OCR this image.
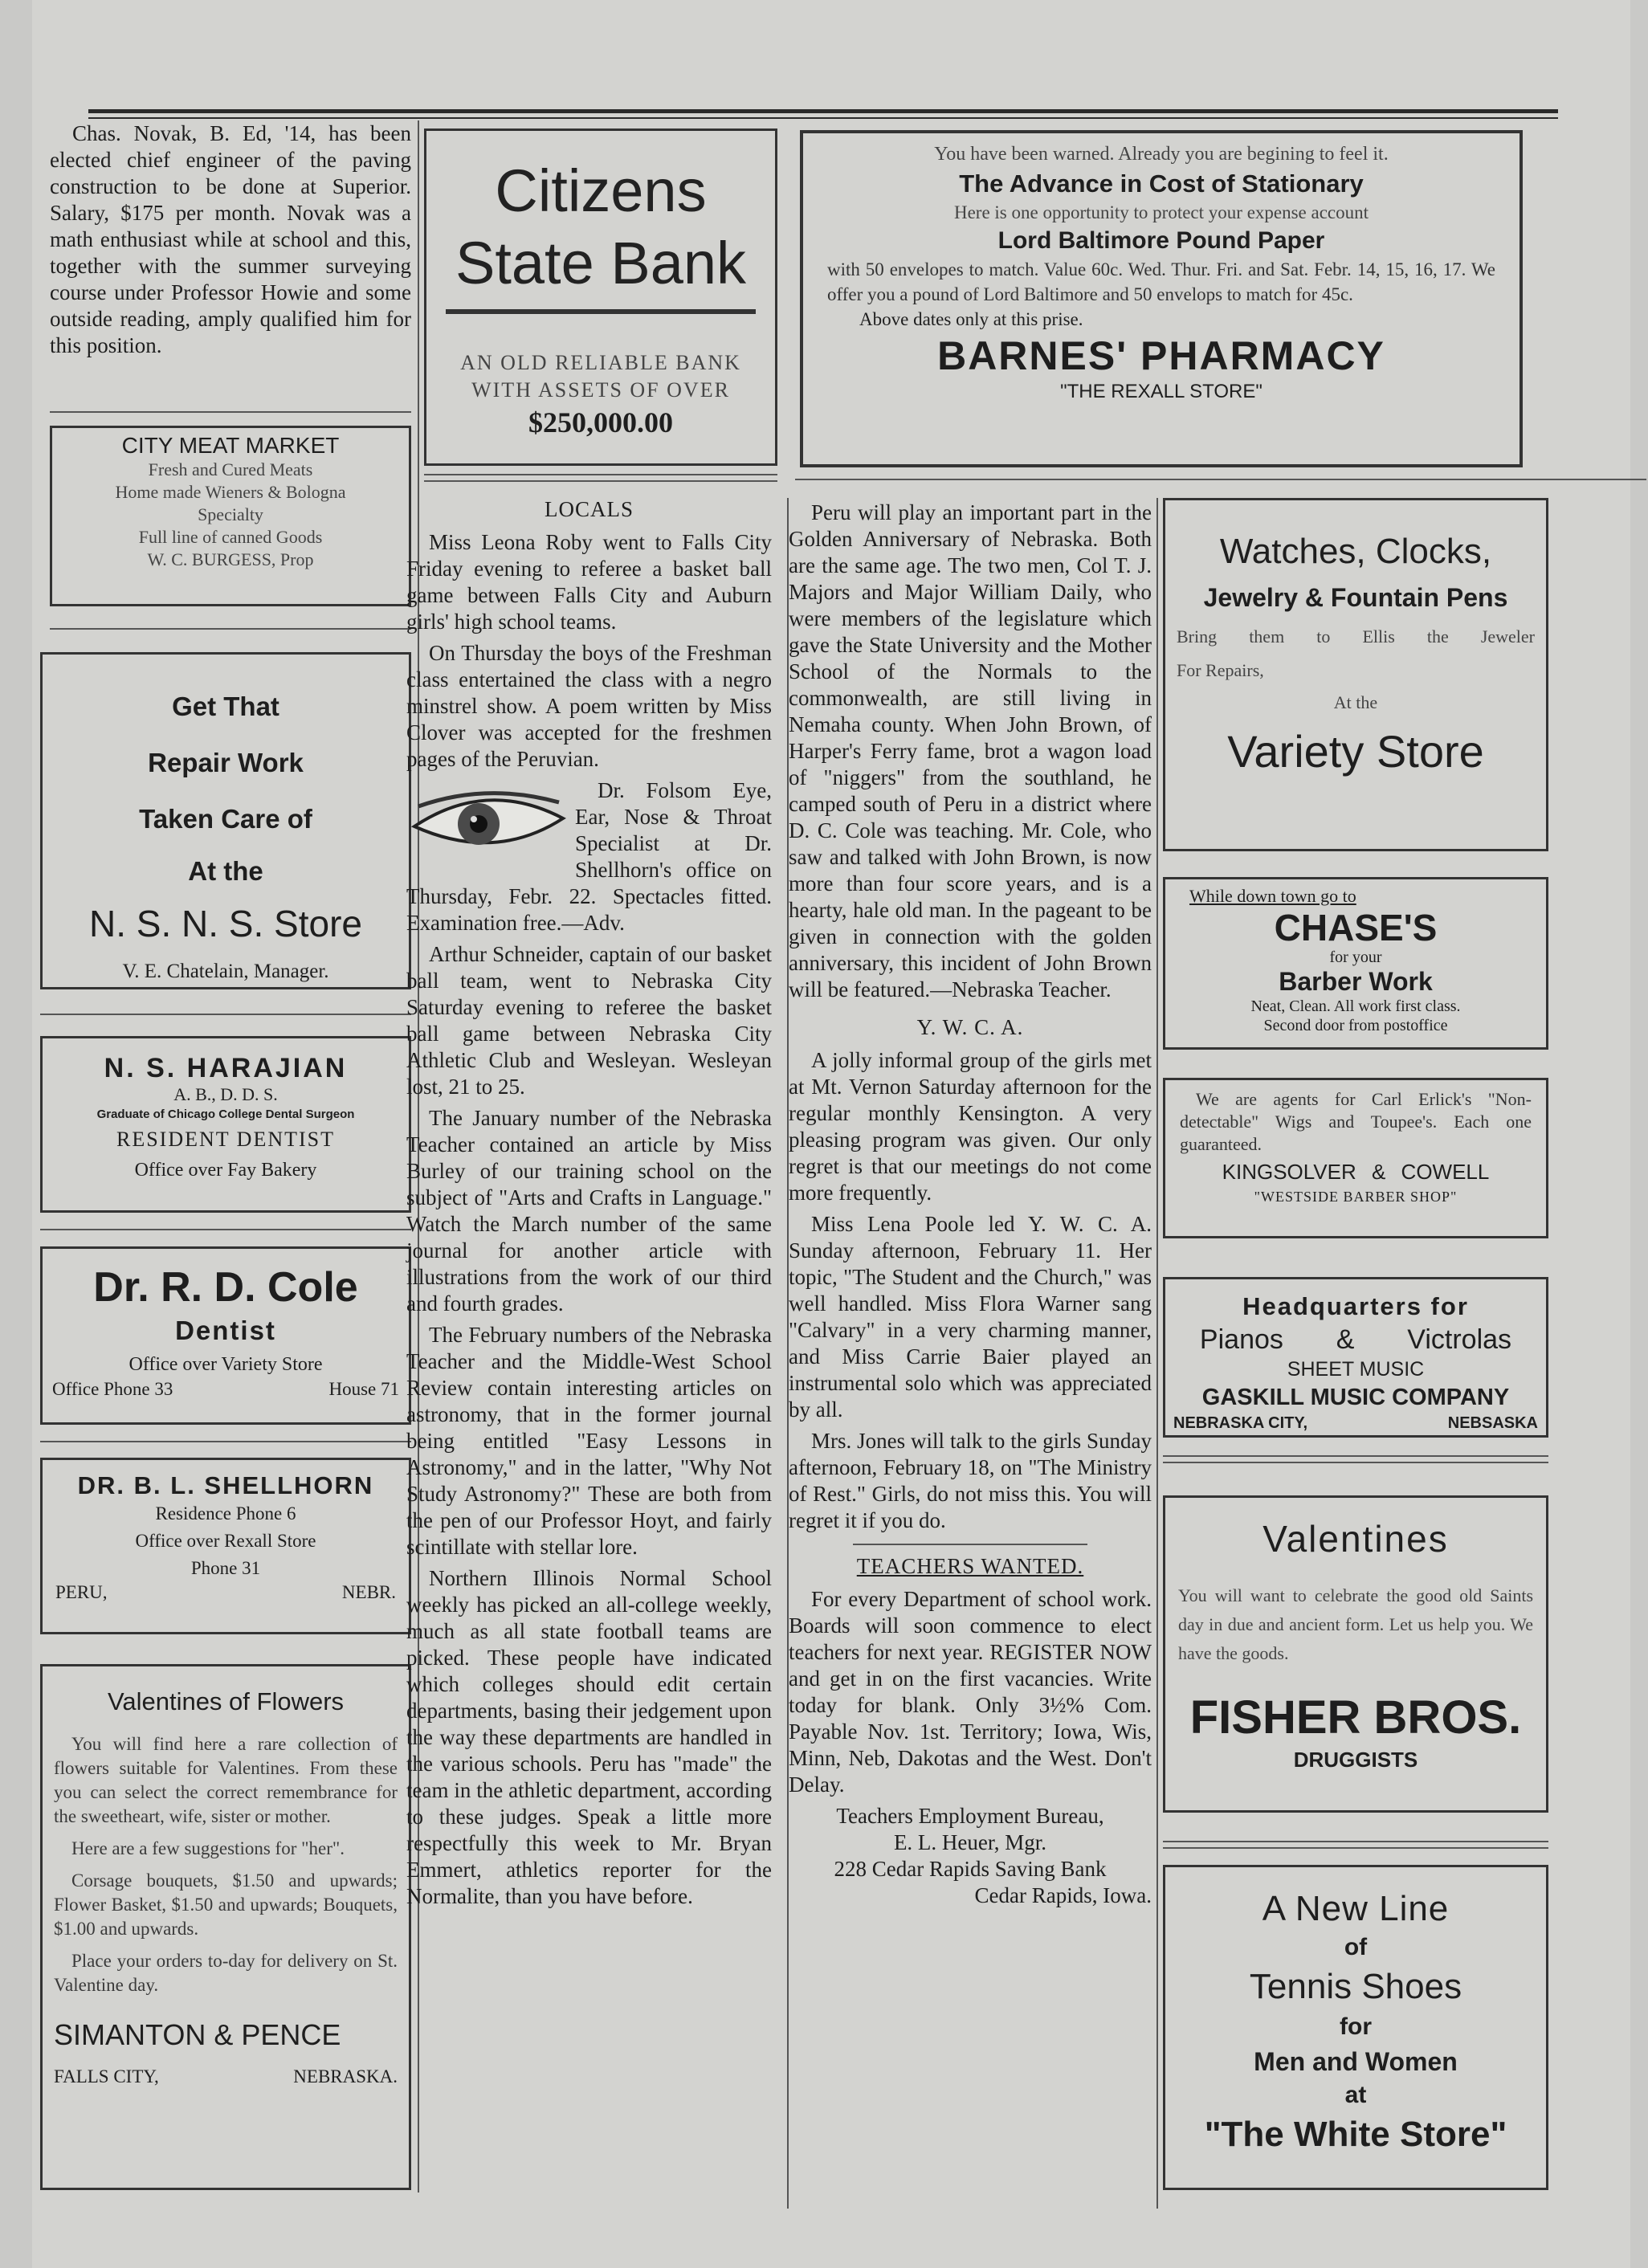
Chas. Novak, B. Ed, '14, has been elected chief engineer of the paving construction to be done at Superior. Salary, $175 per month. Novak was a math enthusiast while at school and this, together with the summer surveying course under Professor Howie and some outside reading, amply qualified him for this position.

CITY MEAT MARKET
Fresh and Cured Meats
Home made Wieners & Bologna
Specialty
Full line of canned Goods
W. C. BURGESS, Prop
Get That
Repair Work
Taken Care of
At the
N. S. N. S. Store
V. E. Chatelain, Manager.
N. S. HARAJIAN
A. B., D. D. S.
Graduate of Chicago College Dental Surgeon
RESIDENT DENTIST
Office over Fay Bakery
Dr. R. D. Cole
Dentist
Office over Variety Store
Office Phone 33	House 71
DR. B. L. SHELLHORN
Residence Phone 6
Office over Rexall Store
Phone 31
PERU,	NEBR.
Valentines of Flowers
You will find here a rare collection of flowers suitable for Valentines. From these you can select the correct remembrance for the sweetheart, wife, sister or mother.
Here are a few suggestions for "her".
Corsage bouquets, $1.50 and upwards; Flower Basket, $1.50 and upwards; Bouquets, $1.00 and upwards.
Place your orders to-day for delivery on St. Valentine day.
SIMANTON & PENCE
FALLS CITY,	NEBRASKA.
Citizens
State Bank
AN OLD RELIABLE BANK
WITH ASSETS OF OVER
$250,000.00
LOCALS

Miss Leona Roby went to Falls City Friday evening to referee a basket ball game between Falls City and Auburn girls' high school teams.

On Thursday the boys of the Freshman class entertained the class with a negro minstrel show. A poem written by Miss Clover was accepted for the freshmen pages of the Peruvian.

Dr. Folsom Eye, Ear, Nose & Throat Specialist at Dr. Shellhorn's office on Thursday, Febr. 22. Spectacles fitted. Examination free.—Adv.

Arthur Schneider, captain of our basket ball team, went to Nebraska City Saturday evening to referee the basket ball game between Nebraska City Athletic Club and Wesleyan. Wesleyan lost, 21 to 25.

The January number of the Nebraska Teacher contained an article by Miss Burley of our training school on the subject of "Arts and Crafts in Language." Watch the March number of the same journal for another article with illustrations from the work of our third and fourth grades.

The February numbers of the Nebraska Teacher and the Middle-West School Review contain interesting articles on astronomy, that in the former journal being entitled "Easy Lessons in Astronomy," and in the latter, "Why Not Study Astronomy?" These are both from the pen of our Professor Hoyt, and fairly scintillate with stellar lore.

Northern Illinois Normal School weekly has picked an all-college weekly, much as all state football teams are picked. These people have indicated which colleges should edit certain departments, basing their jedgement upon the way these departments are handled in the various schools. Peru has "made" the team in the athletic department, according to these judges. Speak a little more respectfully this week to Mr. Bryan Emmert, athletics reporter for the Normalite, than you have before.

You have been warned. Already you are begining to feel it.
The Advance in Cost of Stationary
Here is one opportunity to protect your expense account
Lord Baltimore Pound Paper
with 50 envelopes to match. Value 60c. Wed. Thur. Fri. and Sat. Febr. 14, 15, 16, 17. We offer you a pound of Lord Baltimore and 50 envelops to match for 45c.
Above dates only at this prise.
BARNES' PHARMACY
"THE REXALL STORE"

Peru will play an important part in the Golden Anniversary of Nebraska. Both are the same age. The two men, Col T. J. Majors and Major William Daily, who were members of the legislature which gave the State University and the Mother School of the Normals to the commonwealth, are still living in Nemaha county. When John Brown, of Harper's Ferry fame, brot a wagon load of "niggers" from the southland, he camped south of Peru in a district where D. C. Cole was teaching. Mr. Cole, who saw and talked with John Brown, is now more than four score years, and is a hearty, hale old man. In the pageant to be given in connection with the golden anniversary, this incident of John Brown will be featured.—Nebraska Teacher.

Y. W. C. A.

A jolly informal group of the girls met at Mt. Vernon Saturday afternoon for the regular monthly Kensington. A very pleasing program was given. Our only regret is that our meetings do not come more frequently.

Miss Lena Poole led Y. W. C. A. Sunday afternoon, February 11. Her topic, "The Student and the Church," was well handled. Miss Flora Warner sang "Calvary" in a very charming manner, and Miss Carrie Baier played an instrumental solo which was appreciated by all.

Mrs. Jones will talk to the girls Sunday afternoon, February 18, on "The Ministry of Rest." Girls, do not miss this. You will regret it if you do.

TEACHERS WANTED.

For every Department of school work. Boards will soon commence to elect teachers for next year. REGISTER NOW and get in on the first vacancies. Write today for blank. Only 3½% Com. Payable Nov. 1st. Territory; Iowa, Wis, Minn, Neb, Dakotas and the West. Don't Delay.

Teachers Employment Bureau,
E. L. Heuer, Mgr.
228 Cedar Rapids Saving Bank
Cedar Rapids, Iowa.
Watches, Clocks,
Jewelry & Fountain Pens
Bring them to Ellis the Jeweler
For Repairs,
At the
Variety Store
While down town go to
CHASE'S
for your
Barber Work
Neat, Clean. All work first class.
Second door from postoffice
We are agents for Carl Erlick's "Non-detectable" Wigs and Toupee's. Each one guaranteed.
KINGSOLVER & COWELL
"WESTSIDE BARBER SHOP"
Headquarters for
Pianos & Victrolas
SHEET MUSIC
GASKILL MUSIC COMPANY
NEBRASKA CITY,	NEBSASKA
Valentines
You will want to celebrate the good old Saints day in due and ancient form. Let us help you. We have the goods.
FISHER BROS.
DRUGGISTS
A New Line
of
Tennis Shoes
for
Men and Women
at
"The White Store"
